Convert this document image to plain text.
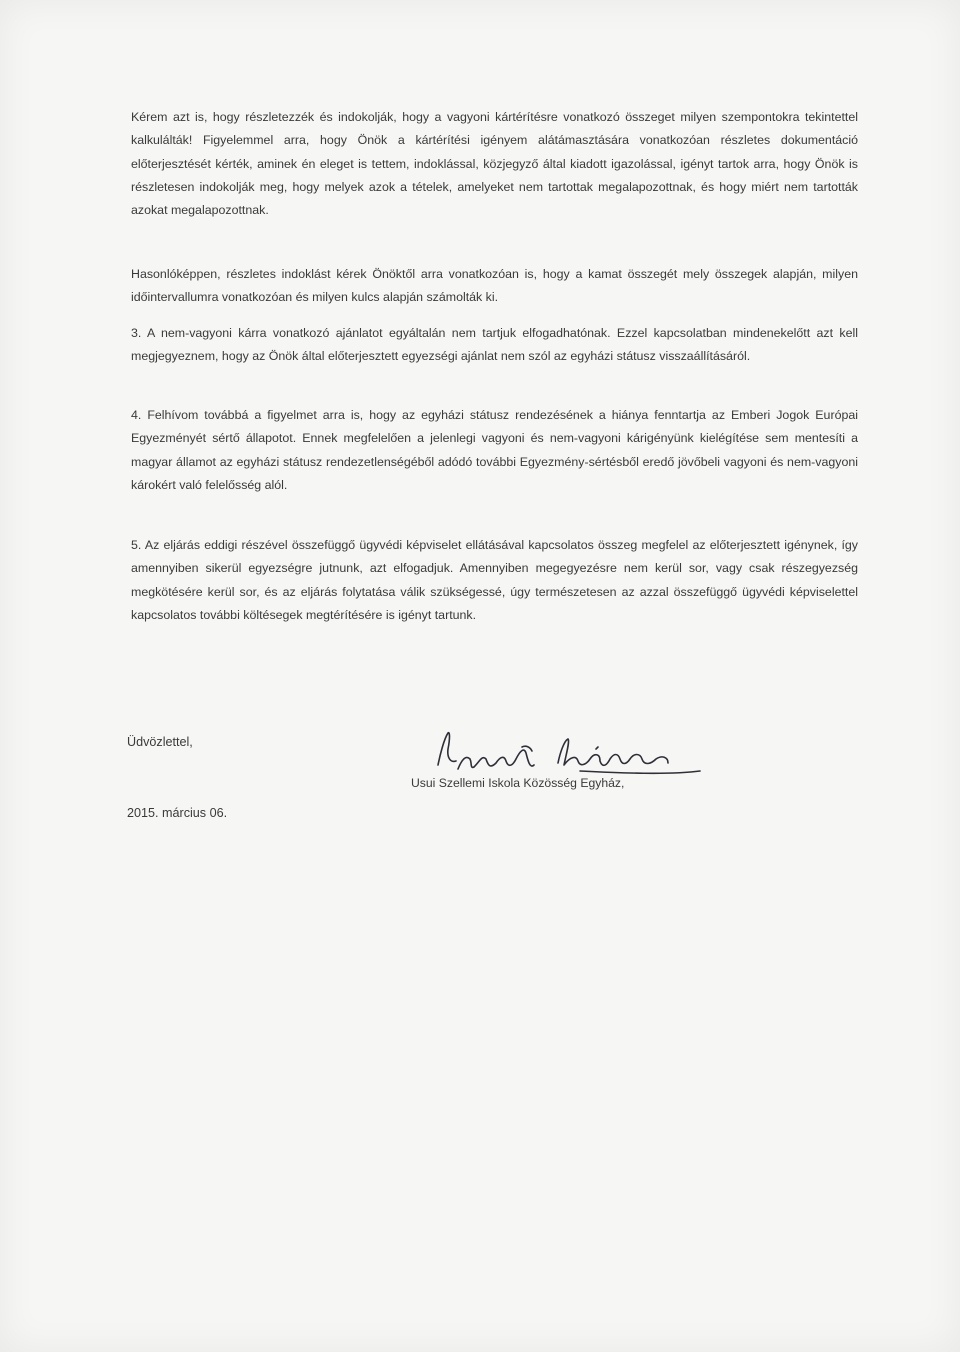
Kérem azt is, hogy részletezzék és indokolják, hogy a vagyoni kártérítésre vonatkozó összeget milyen szempontokra tekintettel kalkulálták! Figyelemmel arra, hogy Önök a kártérítési igényem alátámasztására vonatkozóan részletes dokumentáció előterjesztését kérték, aminek én eleget is tettem, indoklással, közjegyző által kiadott igazolással, igényt tartok arra, hogy Önök is részletesen indokolják meg, hogy melyek azok a tételek, amelyeket nem tartottak megalapozottnak, és hogy miért nem tartották azokat megalapozottnak.

Hasonlóképpen, részletes indoklást kérek Önöktől arra vonatkozóan is, hogy a kamat összegét mely összegek alapján, milyen időintervallumra vonatkozóan és milyen kulcs alapján számolták ki.

3. A nem-vagyoni kárra vonatkozó ajánlatot egyáltalán nem tartjuk elfogadhatónak. Ezzel kapcsolatban mindenekelőtt azt kell megjegyeznem, hogy az Önök által előterjesztett egyezségi ajánlat nem szól az egyházi státusz visszaállításáról.

4. Felhívom továbbá a figyelmet arra is, hogy az egyházi státusz rendezésének a hiánya fenntartja az Emberi Jogok Európai Egyezményét sértő állapotot. Ennek megfelelően a jelenlegi vagyoni és nem-vagyoni kárigényünk kielégítése sem mentesíti a magyar államot az egyházi státusz rendezetlenségéből adódó további Egyezmény-sértésből eredő jövőbeli vagyoni és nem-vagyoni károkért való felelősség alól.

5. Az eljárás eddigi részével összefüggő ügyvédi képviselet ellátásával kapcsolatos összeg megfelel az előterjesztett igénynek, így amennyiben sikerül egyezségre jutnunk, azt elfogadjuk. Amennyiben megegyezésre nem kerül sor, vagy csak részegyezség megkötésére kerül sor, és az eljárás folytatása válik szükségessé, úgy természetesen az azzal összefüggő ügyvédi képviselettel kapcsolatos további költésegek megtérítésére is igényt tartunk.

Üdvözlettel,

Usui Szellemi Iskola Közösség Egyház,

2015. március 06.
